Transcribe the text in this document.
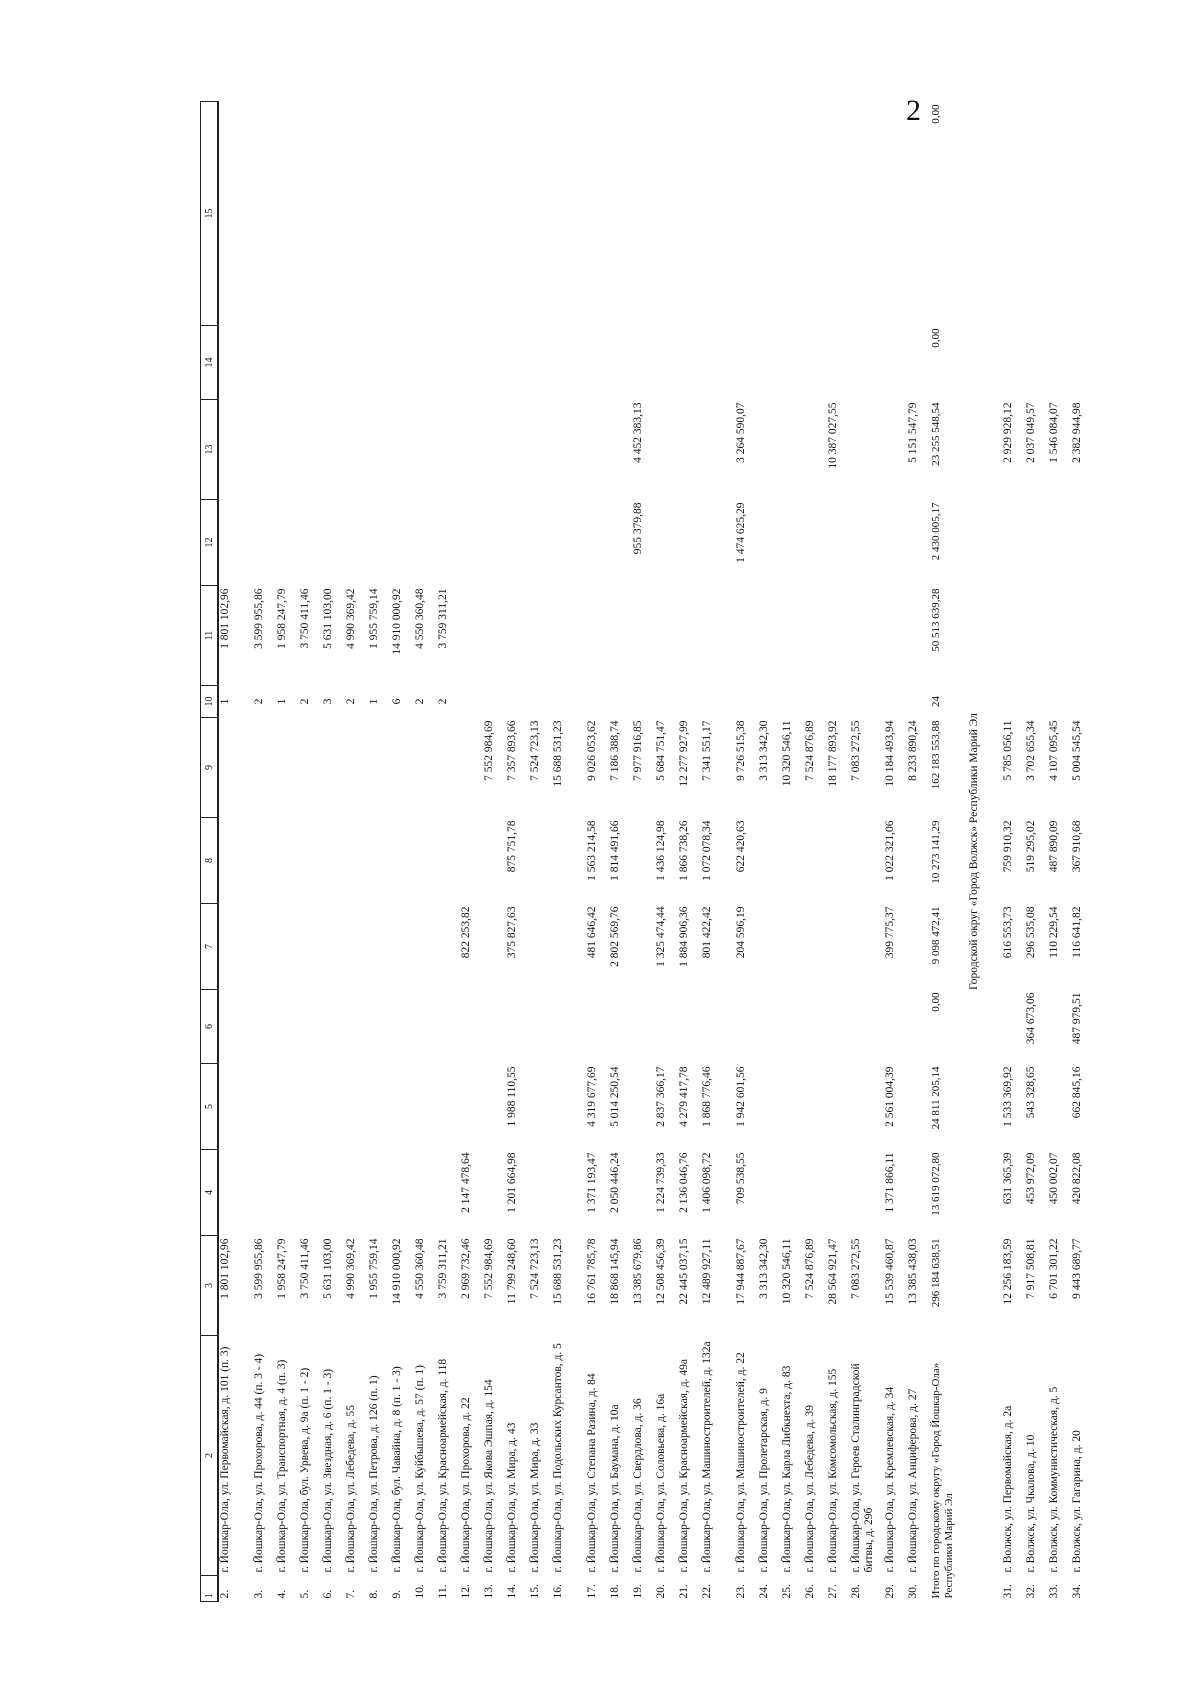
2
1	2	3	4	5	6	7	8	9	10	11	12	13	14	15
2.	г. Йошкар-Ола, ул. Первомайская, д. 101 (п. 3)	1 801 102,96							1	1 801 102,96				
3.	г. Йошкар-Ола, ул. Прохорова, д. 44 (п. 3 - 4)	3 599 955,86							2	3 599 955,86				
4.	г. Йошкар-Ола, ул. Транспортная, д. 4 (п. 3)	1 958 247,79							1	1 958 247,79				
5.	г. Йошкар-Ола, бул. Урвева, д. 9а (п. 1 - 2)	3 750 411,46							2	3 750 411,46				
6.	г. Йошкар-Ола, ул. Звездная, д. 6 (п. 1 - 3)	5 631 103,00							3	5 631 103,00				
7.	г. Йошкар-Ола, ул. Лебедева, д. 55	4 990 369,42							2	4 990 369,42				
8.	г. Йошкар-Ола, ул. Петрова, д. 126 (п. 1)	1 955 759,14							1	1 955 759,14				
9.	г. Йошкар-Ола, бул. Чавайна, д. 8 (п. 1 - 3)	14 910 000,92							6	14 910 000,92				
10.	г. Йошкар-Ола, ул. Куйбышева, д. 57 (п. 1)	4 550 360,48							2	4 550 360,48				
11.	г. Йошкар-Ола, ул. Красноармейская, д. 118	3 759 311,21							2	3 759 311,21				
12.	г. Йошкар-Ола, ул. Прохорова, д. 22	2 969 732,46	2 147 478,64			822 253,82								
13.	г. Йошкар-Ола, ул. Якова Эшпая, д. 154	7 552 984,69						7 552 984,69						
14.	г. Йошкар-Ола, ул. Мира, д. 43	11 799 248,60	1 201 664,98	1 988 110,55		375 827,63	875 751,78	7 357 893,66						
15.	г. Йошкар-Ола, ул. Мира, д. 33	7 524 723,13						7 524 723,13						
16.	г. Йошкар-Ола, ул. Подольских Курсантов, д. 5	15 688 531,23						15 688 531,23						
17.	г. Йошкар-Ола, ул. Степана Разина, д. 84	16 761 785,78	1 371 193,47	4 319 677,69		481 646,42	1 563 214,58	9 026 053,62						
18.	г. Йошкар-Ола, ул. Баумана, д. 10а	18 868 145,94	2 050 446,24	5 014 250,54		2 802 569,76	1 814 491,66	7 186 388,74						
19.	г. Йошкар-Ола, ул. Свердлова, д. 36	13 385 679,86						7 977 916,85			955 379,88	4 452 383,13		
20.	г. Йошкар-Ола, ул. Соловьева, д. 16а	12 508 456,39	1 224 739,33	2 837 366,17		1 325 474,44	1 436 124,98	5 684 751,47						
21.	г. Йошкар-Ола, ул. Красноармейская, д. 49а	22 445 037,15	2 136 046,76	4 279 417,78		1 884 906,36	1 866 738,26	12 277 927,99						
22.	г. Йошкар-Ола, ул. Машиностроителей, д. 132а	12 489 927,11	1 406 098,72	1 868 776,46		801 422,42	1 072 078,34	7 341 551,17						
23.	г. Йошкар-Ола, ул. Машиностроителей, д. 22	17 944 887,67	709 538,55	1 942 601,56		204 596,19	622 420,63	9 726 515,38			1 474 625,29	3 264 590,07		
24.	г. Йошкар-Ола, ул. Пролетарская, д. 9	3 313 342,30						3 313 342,30						
25.	г. Йошкар-Ола, ул. Карла Либкнехта, д. 83	10 320 546,11						10 320 546,11						
26.	г. Йошкар-Ола, ул. Лебедева, д. 39	7 524 876,89						7 524 876,89						
27.	г. Йошкар-Ола, ул. Комсомольская, д. 155	28 564 921,47						18 177 893,92				10 387 027,55		
28.	г. Йошкар-Ола, ул. Героев Сталинградской битвы, д. 29б	7 083 272,55						7 083 272,55						
29.	г. Йошкар-Ола, ул. Кремлевская, д. 34	15 539 460,87	1 371 866,11	2 561 004,39		399 775,37	1 022 321,06	10 184 493,94						
30.	г. Йошкар-Ола, ул. Анциферова, д. 27	13 385 438,03						8 233 890,24				5 151 547,79		
Итого по городскому округу «Город Йошкар-Ола» Республики Марий Эл		296 184 638,51	13 619 072,80	24 811 205,14	0,00	9 098 472,41	10 273 141,29	162 183 553,88	24	50 513 639,28	2 430 005,17	23 255 548,54	0,00	0,00
Городской округ «Город Волжск» Республики Марий Эл														

31.	г. Волжск, ул. Первомайская, д. 2а	12 256 183,59	631 365,39	1 533 369,92		616 553,73	759 910,32	5 785 056,11				2 929 928,12		
32.	г. Волжск, ул. Чкалова, д. 10	7 917 508,81	453 972,09	543 328,65	364 673,06	296 535,08	519 295,02	3 702 655,34				2 037 049,57		
33.	г. Волжск, ул. Коммунистическая, д. 5	6 701 301,22	450 002,07			110 229,54	487 890,09	4 107 095,45				1 546 084,07		
34.	г. Волжск, ул. Гагарина, д. 20	9 443 689,77	420 822,08	662 845,16	487 979,51	116 641,82	367 910,68	5 004 545,54				2 382 944,98		
